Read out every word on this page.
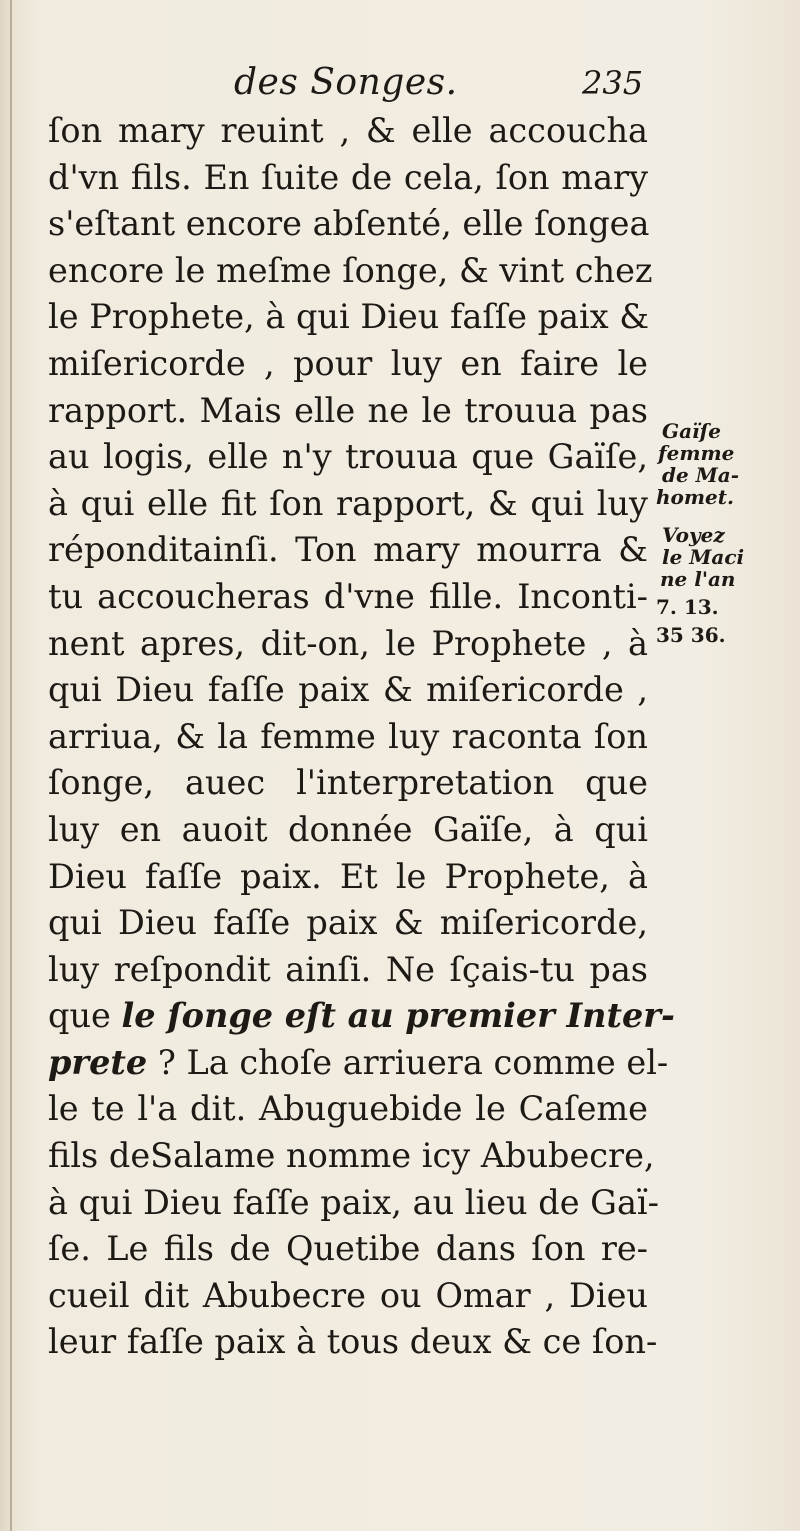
des Songes.	235
ſon mary reuint , & elle accoucha
d'vn fils. En ſuite de cela, ſon mary
s'eſtant encore abſenté, elle ſongea
encore le meſme ſonge, & vint chez
le Prophete, à qui Dieu faſſe paix &
miſericorde , pour luy en faire le
rapport. Mais elle ne le trouua pas
au logis, elle n'y trouua que Gaïſe,
à qui elle fit ſon rapport, & qui luy
réponditainſi. Ton mary mourra &
tu accoucheras d'vne fille. Inconti-
nent apres, dit-on, le Prophete , à
qui Dieu faſſe paix & miſericorde ,
arriua, & la femme luy raconta ſon
ſonge, auec l'interpretation que
luy en auoit donnée Gaïſe, à qui
Dieu faſſe paix. Et le Prophete, à
qui Dieu faſſe paix & miſericorde,
luy reſpondit ainſi. Ne ſçais-tu pas
que le ſonge eſt au premier Inter-
prete ? La choſe arriuera comme el-
le te l'a dit. Abuguebide le Caſeme
fils deSalame nomme icy Abubecre,
à qui Dieu faſſe paix, au lieu de Gaï-
ſe. Le fils de Quetibe dans ſon re-
cueil dit Abubecre ou Omar , Dieu
leur faſſe paix à tous deux & ce ſon-
Gaïſe
femme
de Ma-
homet.
Voyez
le Maci
ne l'an
7. 13.
35 36.
